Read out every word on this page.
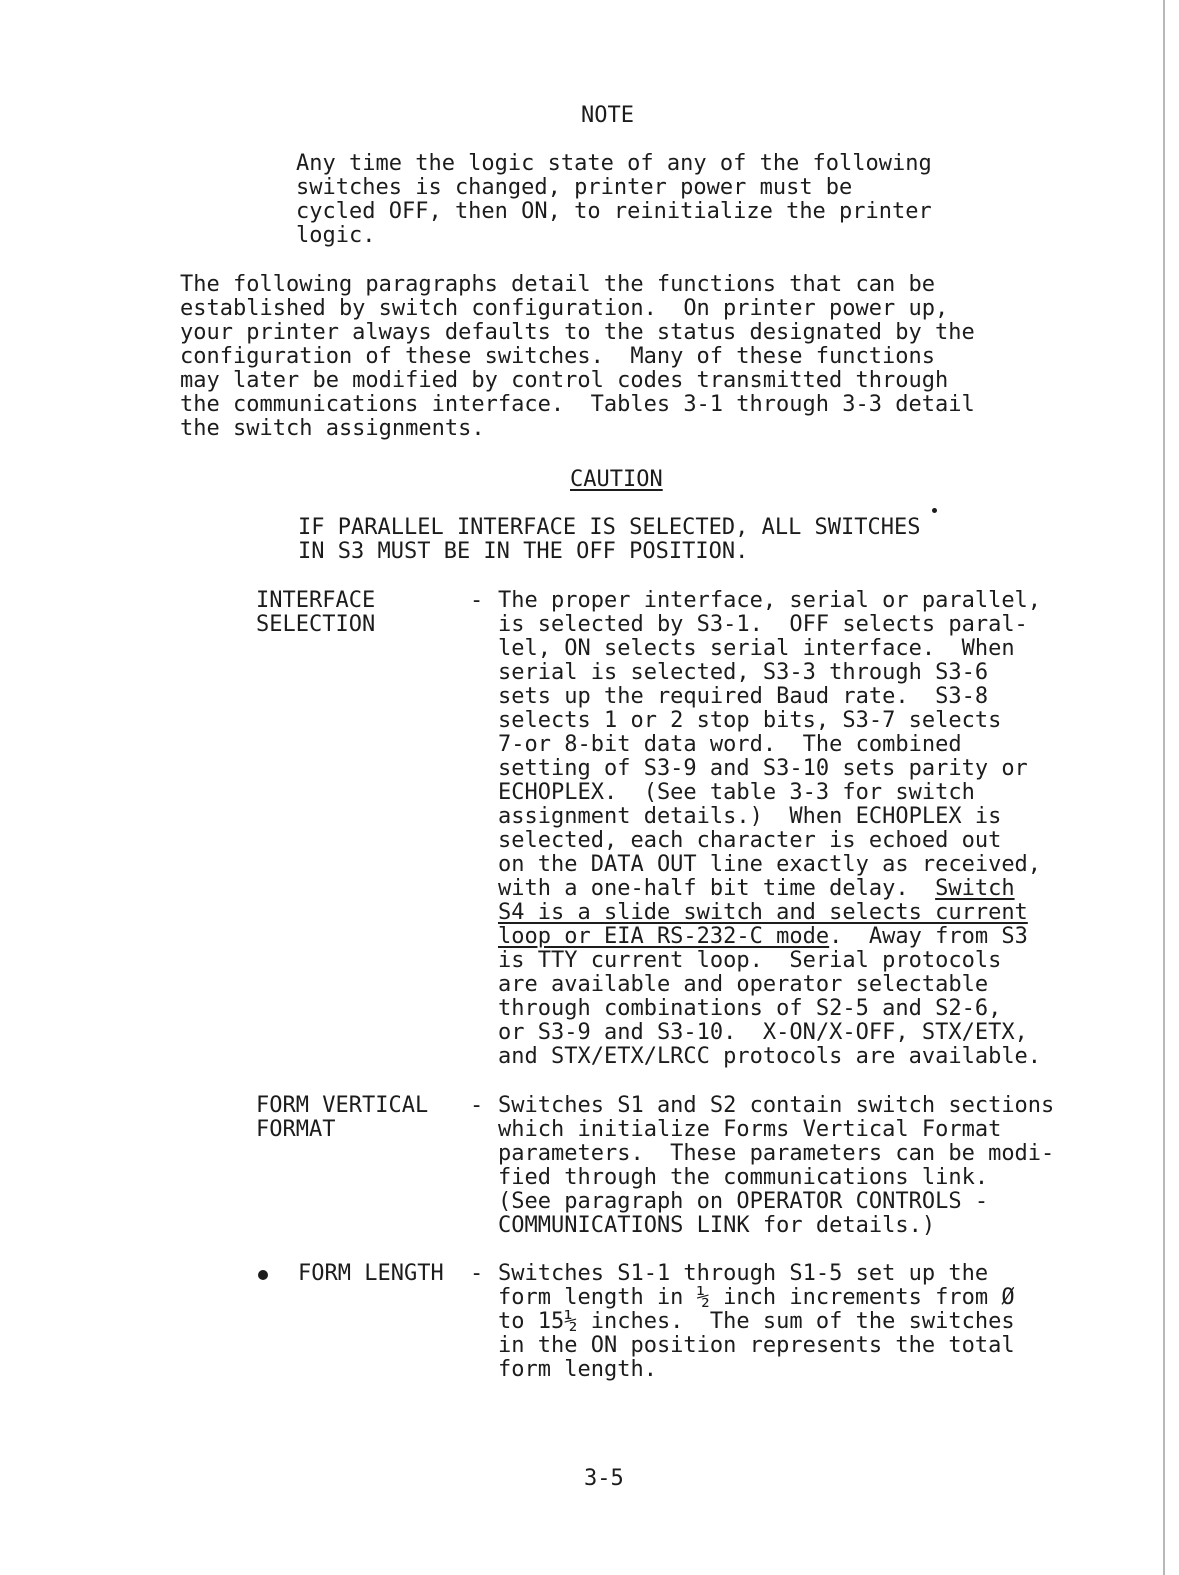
NOTE
Any time the logic state of any of the following
switches is changed, printer power must be
cycled OFF, then ON, to reinitialize the printer
logic.
The following paragraphs detail the functions that can be
established by switch configuration.  On printer power up,
your printer always defaults to the status designated by the
configuration of these switches.  Many of these functions
may later be modified by control codes transmitted through
the communications interface.  Tables 3-1 through 3-3 detail
the switch assignments.
CAUTION
IF PARALLEL INTERFACE IS SELECTED, ALL SWITCHES
IN S3 MUST BE IN THE OFF POSITION.
INTERFACE
SELECTION
- The proper interface, serial or parallel,
is selected by S3-1.  OFF selects paral-
lel, ON selects serial interface.  When
serial is selected, S3-3 through S3-6
sets up the required Baud rate.  S3-8
selects 1 or 2 stop bits, S3-7 selects
7-or 8-bit data word.  The combined
setting of S3-9 and S3-10 sets parity or
ECHOPLEX.  (See table 3-3 for switch
assignment details.)  When ECHOPLEX is
selected, each character is echoed out
on the DATA OUT line exactly as received,
with a one-half bit time delay.  Switch
S4 is a slide switch and selects current
loop or EIA RS-232-C mode.  Away from S3
is TTY current loop.  Serial protocols
are available and operator selectable
through combinations of S2-5 and S2-6,
or S3-9 and S3-10.  X-ON/X-OFF, STX/ETX,
and STX/ETX/LRCC protocols are available.
FORM VERTICAL
FORMAT
- Switches S1 and S2 contain switch sections
which initialize Forms Vertical Format
parameters.  These parameters can be modi-
fied through the communications link.
(See paragraph on OPERATOR CONTROLS -
COMMUNICATIONS LINK for details.)
FORM LENGTH - Switches S1-1 through S1-5 set up the
form length in ½ inch increments from Ø
to 15½ inches.  The sum of the switches
in the ON position represents the total
form length.
3-5
